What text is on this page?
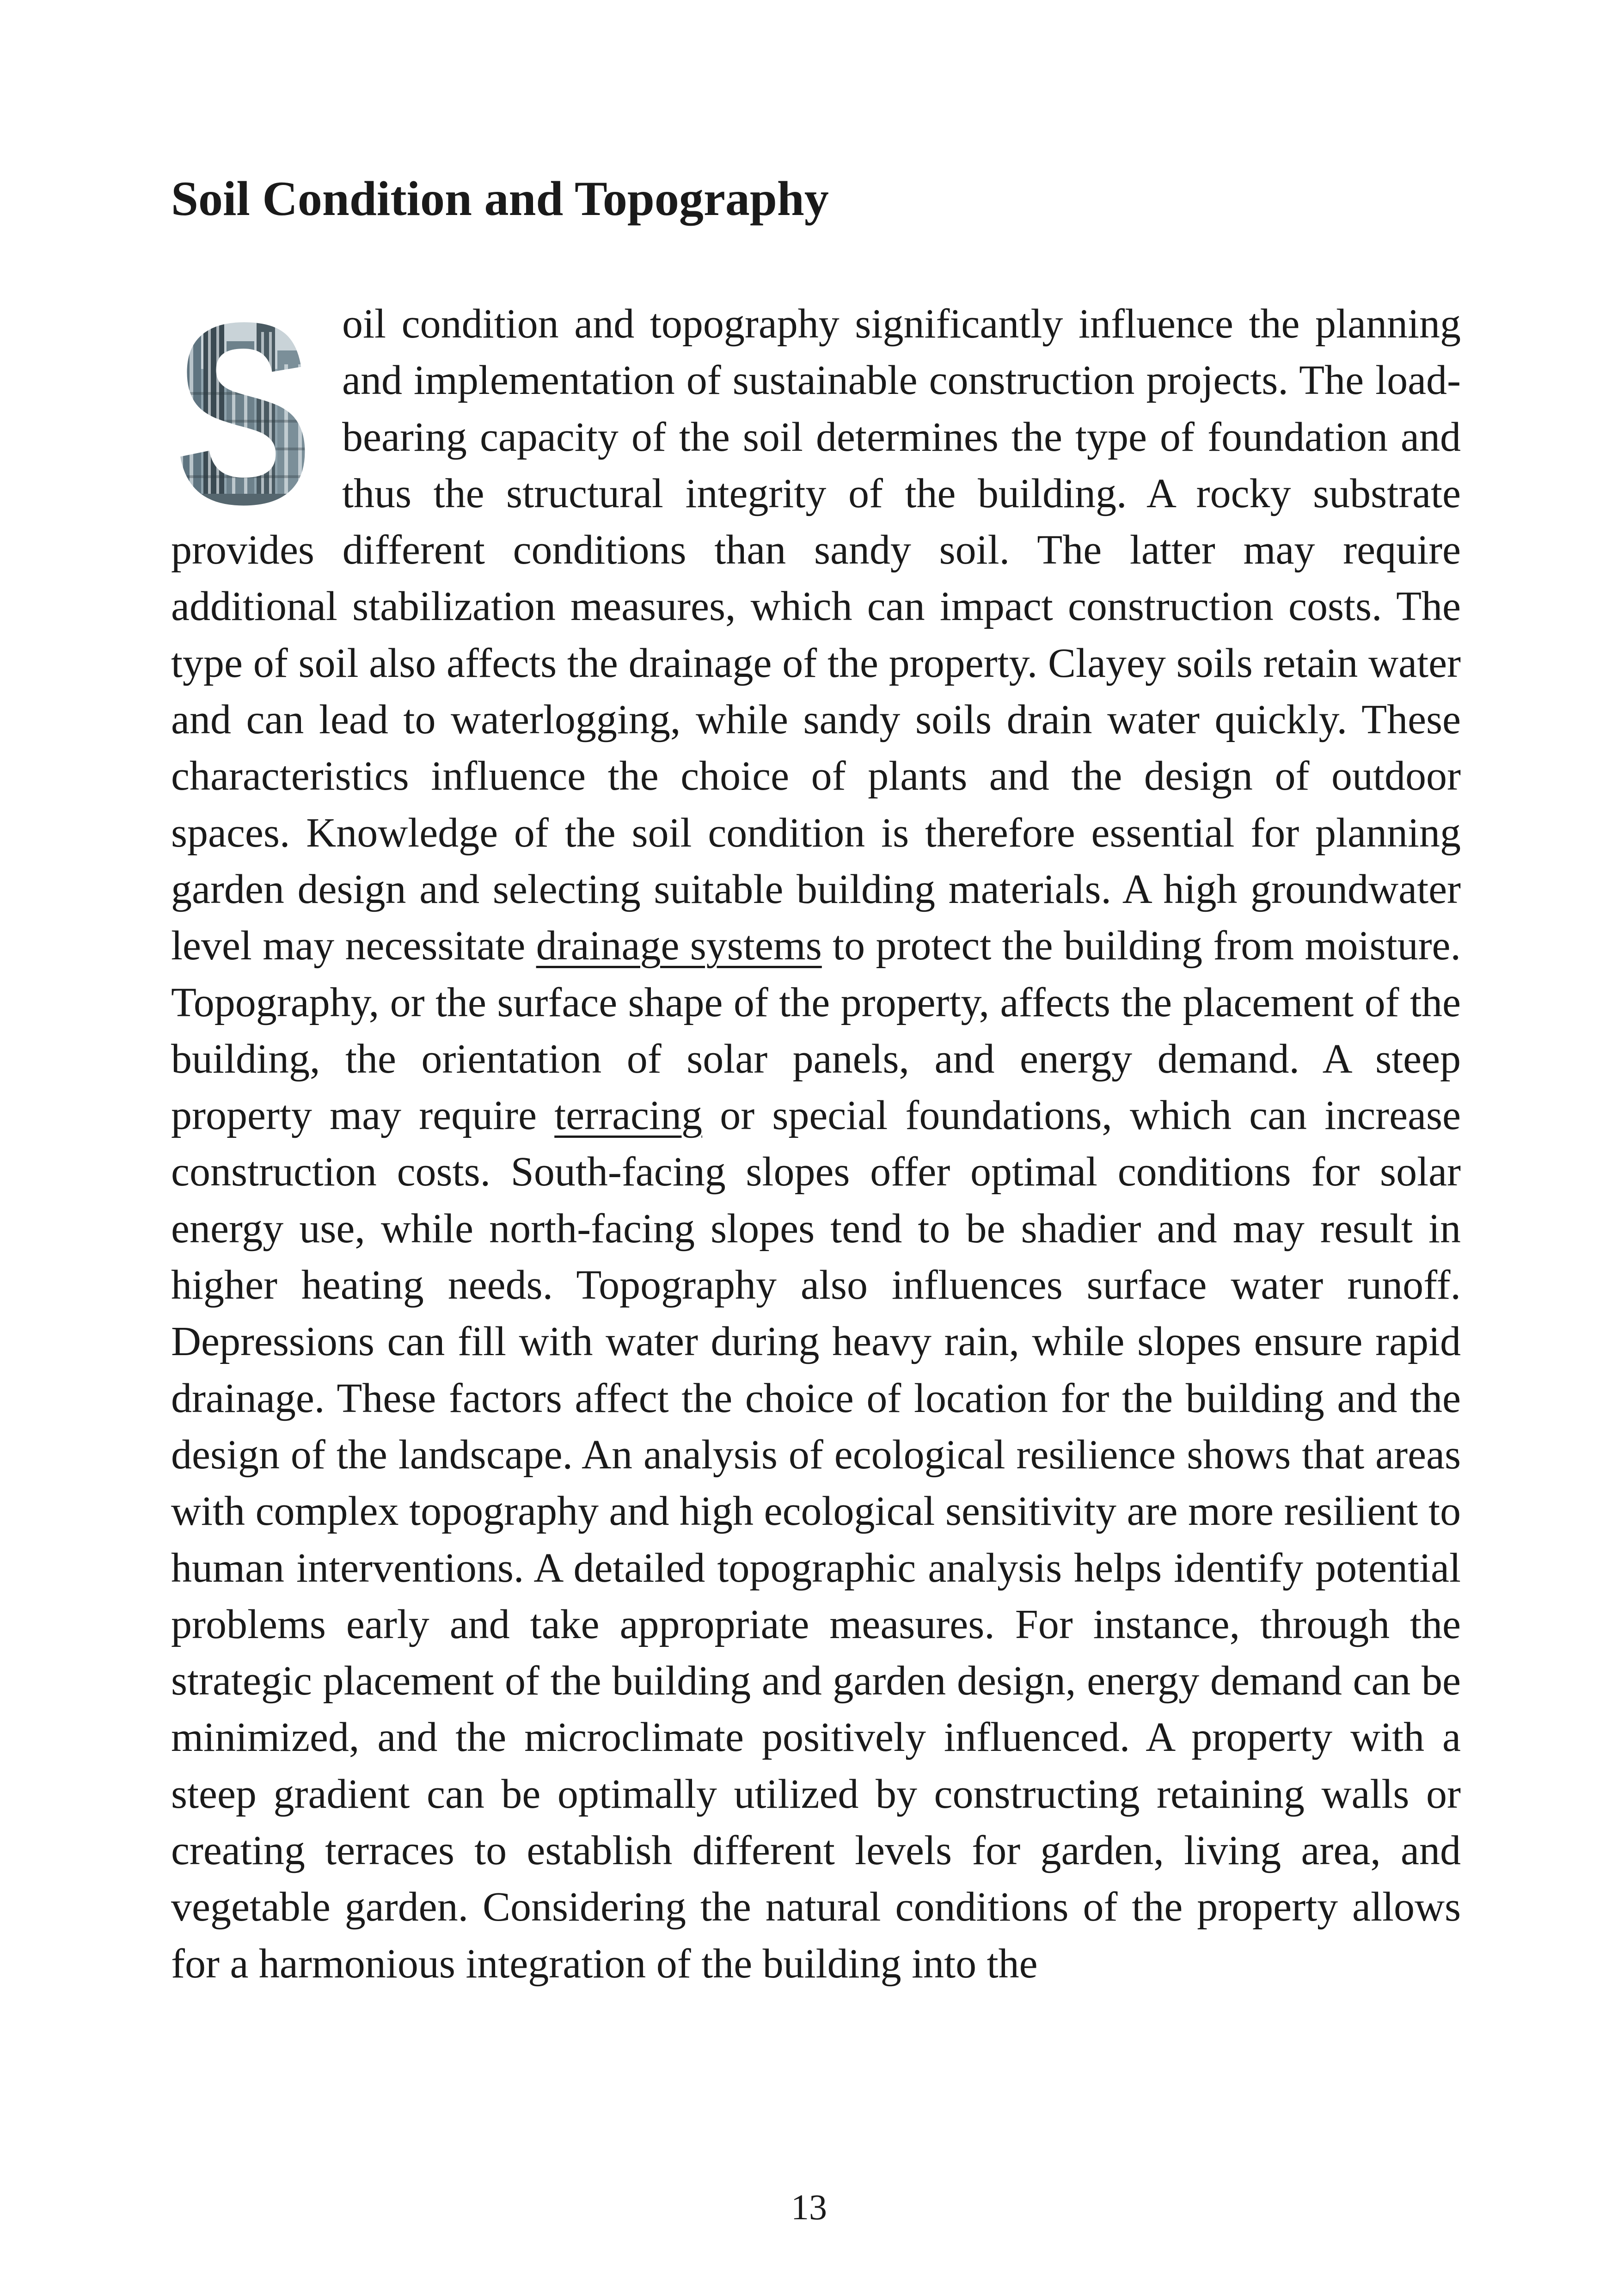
Soil Condition and Topography

oil condition and topography significantly influence the planning and implementation of sustainable construction projects. The load-bearing capacity of the soil determines the type of foundation and thus the structural integrity of the building. A rocky substrate provides different conditions than sandy soil. The latter may require additional stabilization measures, which can impact construction costs. The type of soil also affects the drainage of the property. Clayey soils retain water and can lead to waterlogging, while sandy soils drain water quickly. These characteristics influence the choice of plants and the design of outdoor spaces. Knowledge of the soil condition is therefore essential for planning garden design and selecting suitable building materials. A high groundwater level may necessitate drainage systems to protect the building from moisture. Topography, or the surface shape of the property, affects the placement of the building, the orientation of solar panels, and energy demand. A steep property may require terracing or special foundations, which can increase construction costs. South-facing slopes offer optimal conditions for solar energy use, while north-facing slopes tend to be shadier and may result in higher heating needs. Topography also influences surface water runoff. Depressions can fill with water during heavy rain, while slopes ensure rapid drainage. These factors affect the choice of location for the building and the design of the landscape. An analysis of ecological resilience shows that areas with complex topography and high ecological sensitivity are more resilient to human interventions. A detailed topographic analysis helps identify potential problems early and take appropriate measures. For instance, through the strategic placement of the building and garden design, energy demand can be minimized, and the microclimate positively influenced. A property with a steep gradient can be optimally utilized by constructing retaining walls or creating terraces to establish different levels for garden, living area, and vegetable garden. Considering the natural conditions of the property allows for a harmonious integration of the building into the

13
